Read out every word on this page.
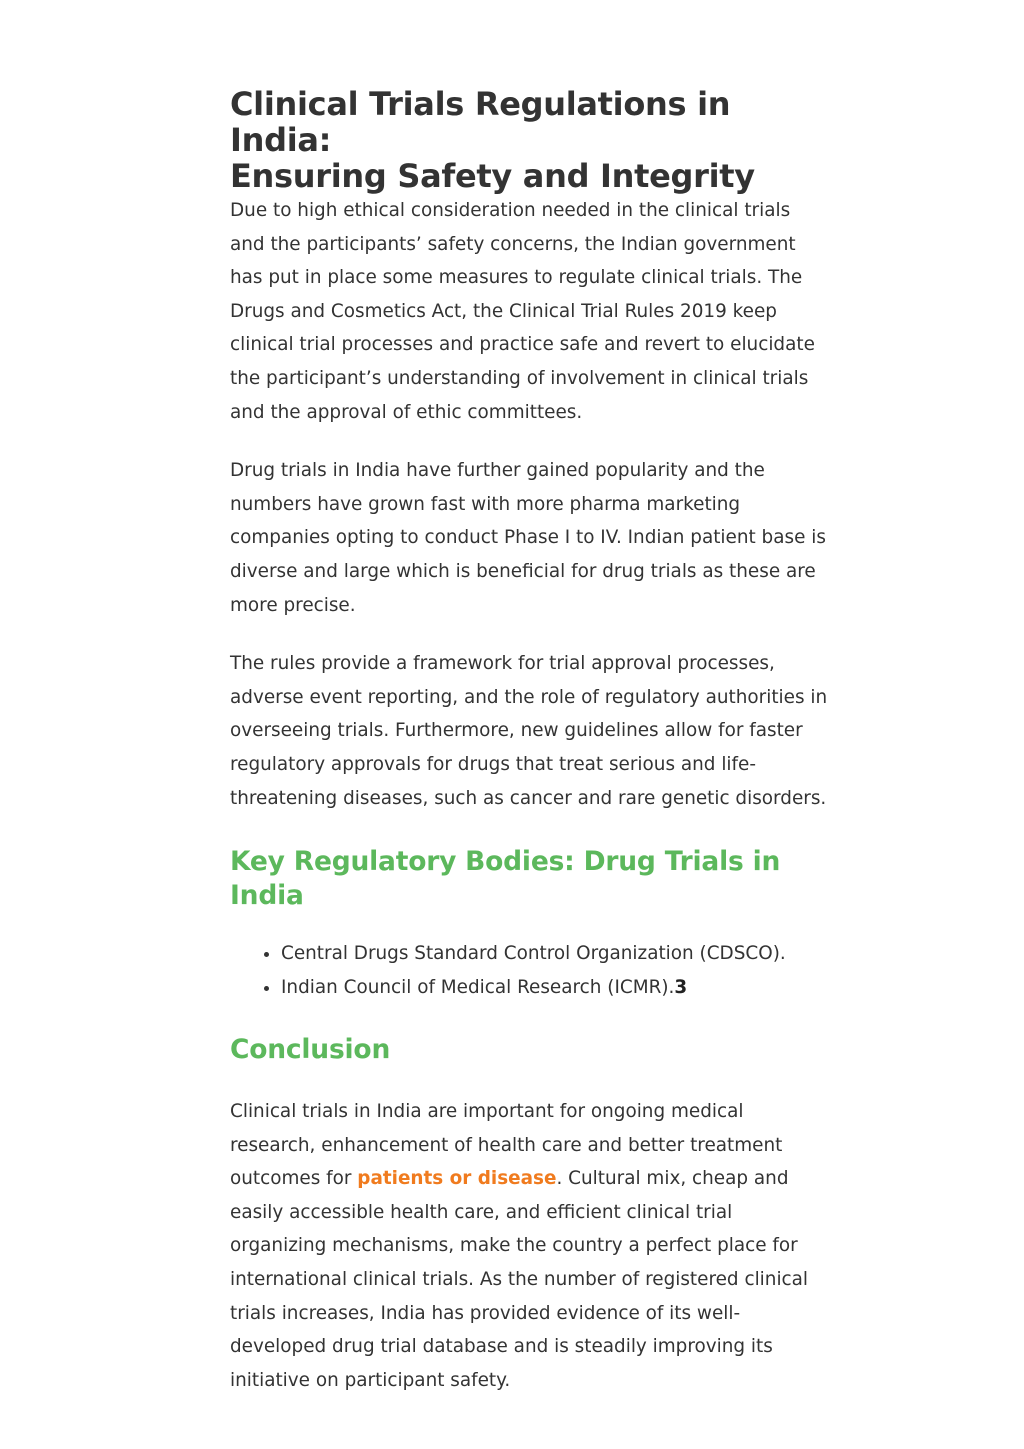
Clinical Trials Regulations in India:
Ensuring Safety and Integrity

Due to high ethical consideration needed in the clinical trials and the participants’ safety concerns, the Indian government has put in place some measures to regulate clinical trials. The Drugs and Cosmetics Act, the Clinical Trial Rules 2019 keep clinical trial processes and practice safe and revert to elucidate the participant’s understanding of involvement in clinical trials and the approval of ethic committees.

Drug trials in India have further gained popularity and the numbers have grown fast with more pharma marketing companies opting to conduct Phase I to IV. Indian patient base is diverse and large which is beneficial for drug trials as these are more precise.

The rules provide a framework for trial approval processes, adverse event reporting, and the role of regulatory authorities in overseeing trials. Furthermore, new guidelines allow for faster regulatory approvals for drugs that treat serious and life-threatening diseases, such as cancer and rare genetic disorders.

Key Regulatory Bodies: Drug Trials in India
• Central Drugs Standard Control Organization (CDSCO).
• Indian Council of Medical Research (ICMR).3
Conclusion

Clinical trials in India are important for ongoing medical research, enhancement of health care and better treatment outcomes for patients or disease. Cultural mix, cheap and easily accessible health care, and efficient clinical trial organizing mechanisms, make the country a perfect place for international clinical trials. As the number of registered clinical trials increases, India has provided evidence of its well-developed drug trial database and is steadily improving its initiative on participant safety.
